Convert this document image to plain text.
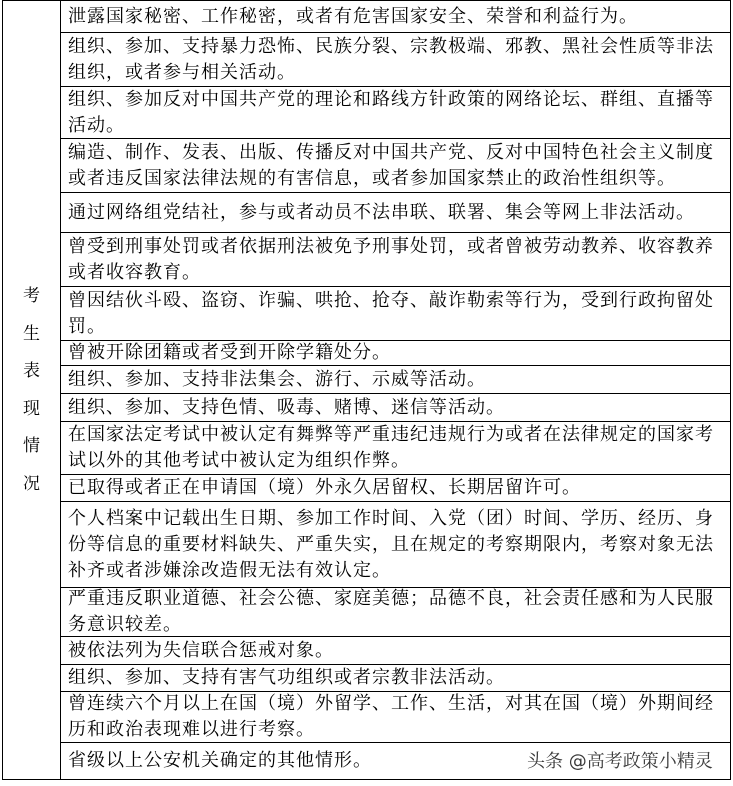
考
生
表
现
情
况
泄露国家秘密、工作秘密，或者有危害国家安全、荣誉和利益行为。
组织、参加、支持暴力恐怖、民族分裂、宗教极端、邪教、黑社会性质等非法
组织，或者参与相关活动。
组织、参加反对中国共产党的理论和路线方针政策的网络论坛、群组、直播等
活动。
编造、制作、发表、出版、传播反对中国共产党、反对中国特色社会主义制度
或者违反国家法律法规的有害信息，或者参加国家禁止的政治性组织等。
通过网络组党结社，参与或者动员不法串联、联署、集会等网上非法活动。
曾受到刑事处罚或者依据刑法被免予刑事处罚，或者曾被劳动教养、收容教养
或者收容教育。
曾因结伙斗殴、盗窃、诈骗、哄抢、抢夺、敲诈勒索等行为，受到行政拘留处
罚。
曾被开除团籍或者受到开除学籍处分。
组织、参加、支持非法集会、游行、示威等活动。
组织、参加、支持色情、吸毒、赌博、迷信等活动。
在国家法定考试中被认定有舞弊等严重违纪违规行为或者在法律规定的国家考
试以外的其他考试中被认定为组织作弊。
已取得或者正在申请国（境）外永久居留权、长期居留许可。
个人档案中记载出生日期、参加工作时间、入党（团）时间、学历、经历、身
份等信息的重要材料缺失、严重失实，且在规定的考察期限内，考察对象无法
补齐或者涉嫌涂改造假无法有效认定。
严重违反职业道德、社会公德、家庭美德；品德不良，社会责任感和为人民服
务意识较差。
被依法列为失信联合惩戒对象。
组织、参加、支持有害气功组织或者宗教非法活动。
曾连续六个月以上在国（境）外留学、工作、生活，对其在国（境）外期间经
历和政治表现难以进行考察。
省级以上公安机关确定的其他情形。	头条 @高考政策小精灵
